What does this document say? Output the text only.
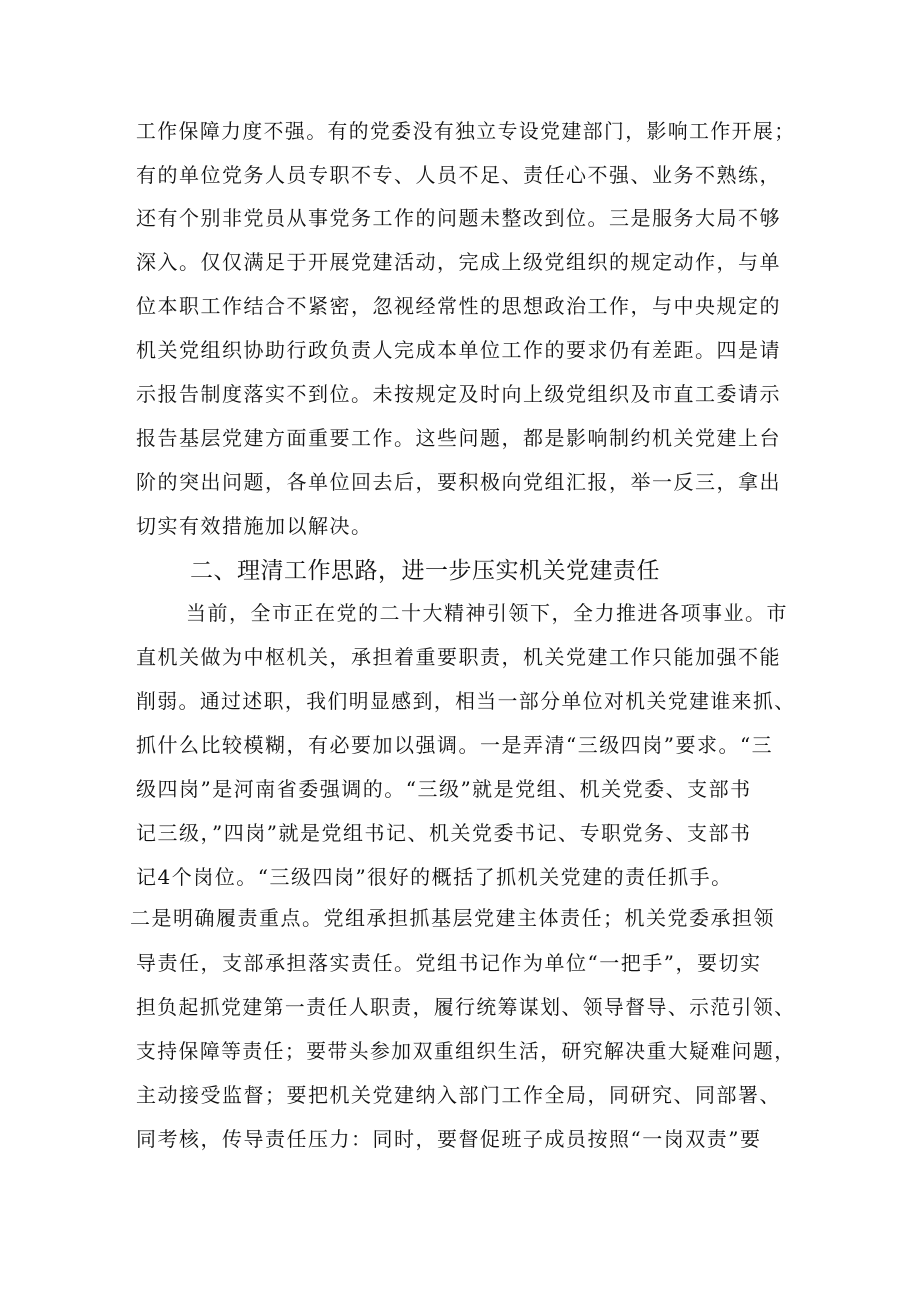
工作保障力度不强。有的党委没有独立专设党建部门，影响工作开展；
有的单位党务人员专职不专、人员不足、责任心不强、业务不熟练，
还有个别非党员从事党务工作的问题未整改到位。三是服务大局不够
深入。仅仅满足于开展党建活动，完成上级党组织的规定动作，与单
位本职工作结合不紧密，忽视经常性的思想政治工作，与中央规定的
机关党组织协助行政负责人完成本单位工作的要求仍有差距。四是请
示报告制度落实不到位。未按规定及时向上级党组织及市直工委请示
报告基层党建方面重要工作。这些问题，都是影响制约机关党建上台
阶的突出问题，各单位回去后，要积极向党组汇报，举一反三，拿出
切实有效措施加以解决。
二、理清工作思路，进一步压实机关党建责任
当前，全市正在党的二十大精神引领下，全力推进各项事业。市
直机关做为中枢机关，承担着重要职责，机关党建工作只能加强不能
削弱。通过述职，我们明显感到，相当一部分单位对机关党建谁来抓、
抓什么比较模糊，有必要加以强调。一是弄清“三级四岗”要求。“三
级四岗”是河南省委强调的。“三级”就是党组、机关党委、支部书
记三级，”四岗”就是党组书记、机关党委书记、专职党务、支部书
记4个岗位。“三级四岗”很好的概括了抓机关党建的责任抓手。
二是明确履责重点。党组承担抓基层党建主体责任；机关党委承担领
导责任，支部承担落实责任。党组书记作为单位“一把手”，要切实
担负起抓党建第一责任人职责，履行统筹谋划、领导督导、示范引领、
支持保障等责任；要带头参加双重组织生活，研究解决重大疑难问题，
主动接受监督；要把机关党建纳入部门工作全局，同研究、同部署、
同考核，传导责任压力：同时，要督促班子成员按照“一岗双责”要
